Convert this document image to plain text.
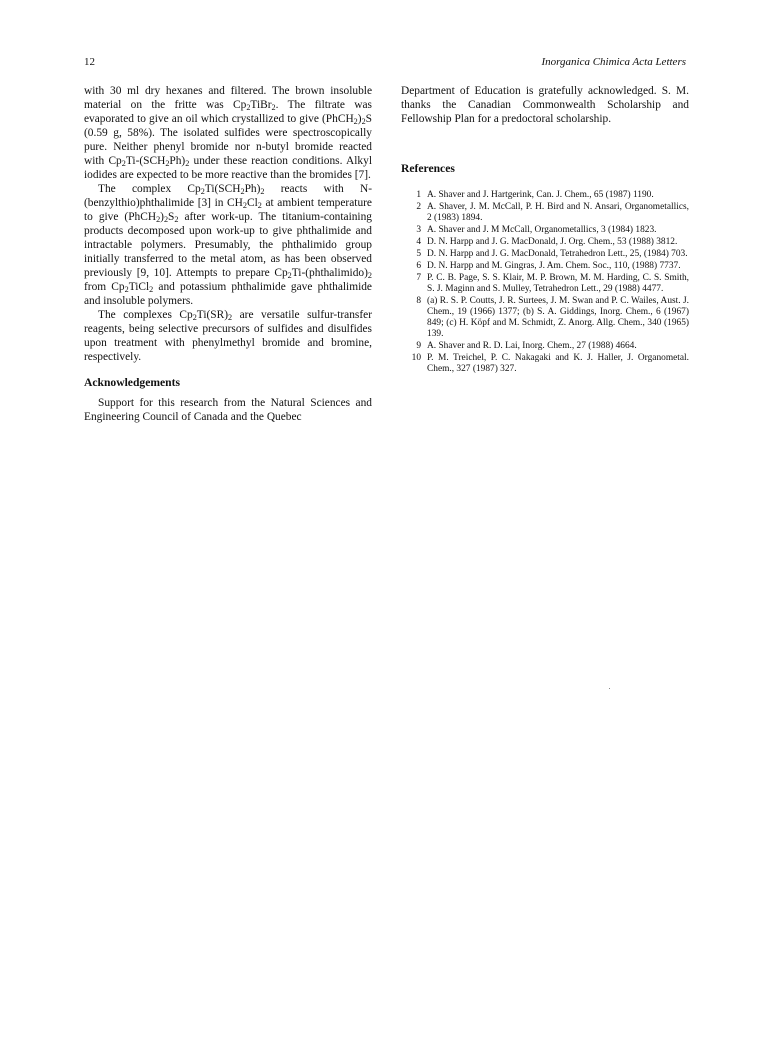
12	Inorganica Chimica Acta Letters

with 30 ml dry hexanes and filtered. The brown insoluble material on the fritte was $Cp_2TiBr_2$. The filtrate was evaporated to give an oil which crystallized to give $(PhCH_2)_2S$ (0.59 g, 58%). The isolated sulfides were spectroscopically pure. Neither phenyl bromide nor n-butyl bromide reacted with $Cp_2Ti-(SCH_2Ph)_2$ under these reaction conditions. Alkyl iodides are expected to be more reactive than the bromides [7].

The complex $Cp_2Ti(SCH_2Ph)_2$ reacts with N-(benzylthio)phthalimide [3] in $CH_2Cl_2$ at ambient temperature to give $(PhCH_2)_2S_2$ after work-up. The titanium-containing products decomposed upon work-up to give phthalimide and intractable polymers. Presumably, the phthalimido group initially transferred to the metal atom, as has been observed previously [9, 10]. Attempts to prepare $Cp_2Ti-(phthalimido)_2$ from $Cp_2TiCl_2$ and potassium phthalimide gave phthalimide and insoluble polymers.

The complexes $Cp_2Ti(SR)_2$ are versatile sulfur-transfer reagents, being selective precursors of sulfides and disulfides upon treatment with phenylmethyl bromide and bromine, respectively.

Acknowledgements

Support for this research from the Natural Sciences and Engineering Council of Canada and the Quebec

Department of Education is gratefully acknowledged. S. M. thanks the Canadian Commonwealth Scholarship and Fellowship Plan for a predoctoral scholarship.

References
1 A. Shaver and J. Hartgerink, Can. J. Chem., 65 (1987) 1190.
2 A. Shaver, J. M. McCall, P. H. Bird and N. Ansari, Organometallics, 2 (1983) 1894.
3 A. Shaver and J. M McCall, Organometallics, 3 (1984) 1823.
4 D. N. Harpp and J. G. MacDonald, J. Org. Chem., 53 (1988) 3812.
5 D. N. Harpp and J. G. MacDonald, Tetrahedron Lett., 25, (1984) 703.
6 D. N. Harpp and M. Gingras, J. Am. Chem. Soc., 110, (1988) 7737.
7 P. C. B. Page, S. S. Klair, M. P. Brown, M. M. Harding, C. S. Smith, S. J. Maginn and S. Mulley, Tetrahedron Lett., 29 (1988) 4477.
8 (a) R. S. P. Coutts, J. R. Surtees, J. M. Swan and P. C. Wailes, Aust. J. Chem., 19 (1966) 1377; (b) S. A. Giddings, Inorg. Chem., 6 (1967) 849; (c) H. Köpf and M. Schmidt, Z. Anorg. Allg. Chem., 340 (1965) 139.
9 A. Shaver and R. D. Lai, Inorg. Chem., 27 (1988) 4664.
10 P. M. Treichel, P. C. Nakagaki and K. J. Haller, J. Organometal. Chem., 327 (1987) 327.
